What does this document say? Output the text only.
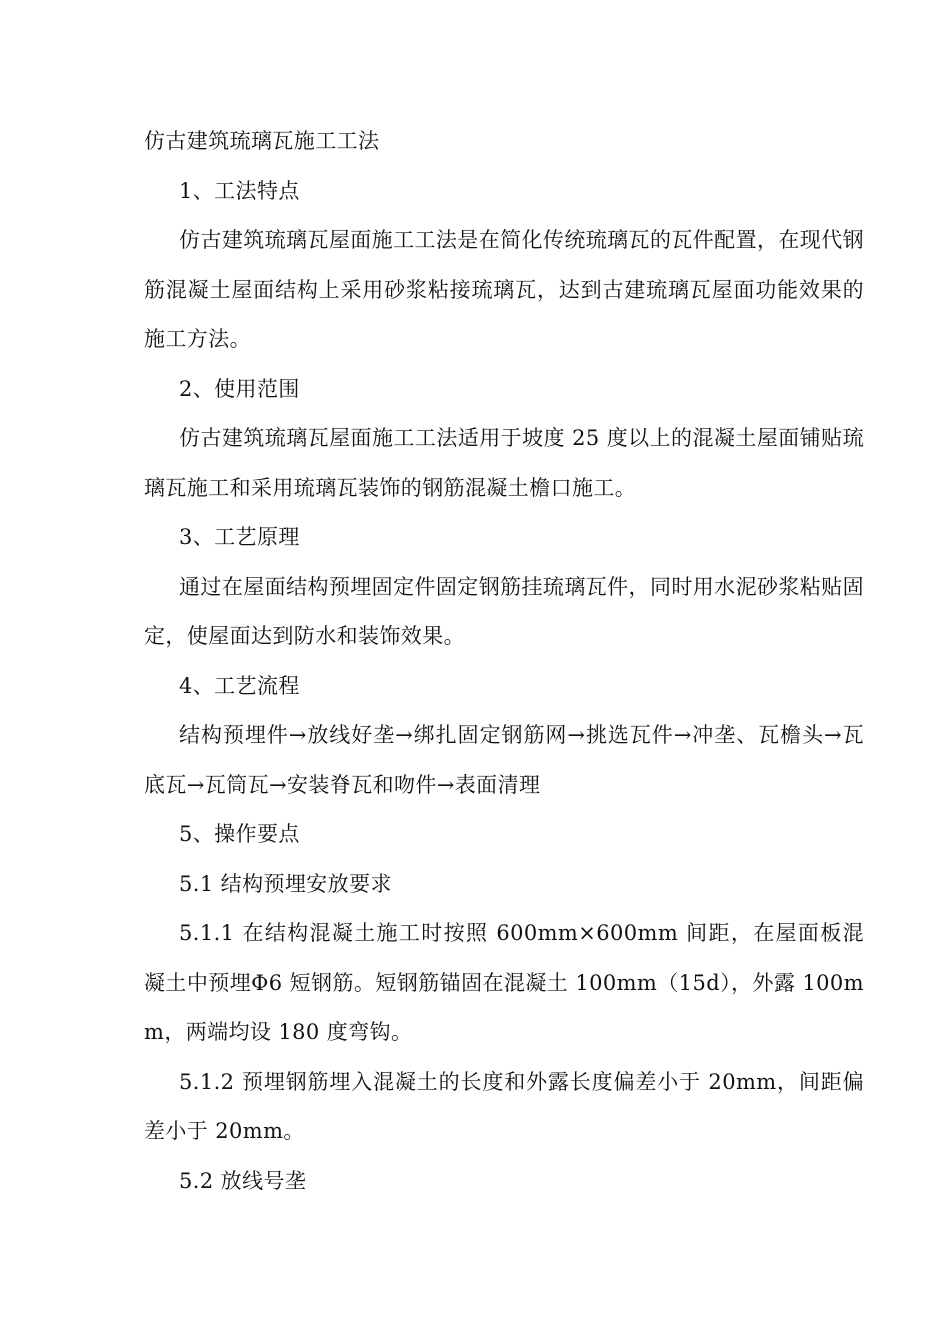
仿古建筑琉璃瓦施工工法

1、工法特点

仿古建筑琉璃瓦屋面施工工法是在简化传统琉璃瓦的瓦件配置，在现代钢筋混凝土屋面结构上采用砂浆粘接琉璃瓦，达到古建琉璃瓦屋面功能效果的施工方法。

2、使用范围

仿古建筑琉璃瓦屋面施工工法适用于坡度 25 度以上的混凝土屋面铺贴琉璃瓦施工和采用琉璃瓦装饰的钢筋混凝土檐口施工。

3、工艺原理

通过在屋面结构预埋固定件固定钢筋挂琉璃瓦件，同时用水泥砂浆粘贴固定，使屋面达到防水和装饰效果。

4、工艺流程

结构预埋件→放线好垄→绑扎固定钢筋网→挑选瓦件→冲垄、瓦檐头→瓦底瓦→瓦筒瓦→安装脊瓦和吻件→表面清理

5、操作要点

5.1 结构预埋安放要求

5.1.1 在结构混凝土施工时按照 600mm×600mm 间距，在屋面板混凝土中预埋Φ6 短钢筋。短钢筋锚固在混凝土 100mm（15d），外露 100mm，两端均设 180 度弯钩。

5.1.2 预埋钢筋埋入混凝土的长度和外露长度偏差小于 20mm，间距偏差小于 20mm。

5.2 放线号垄
